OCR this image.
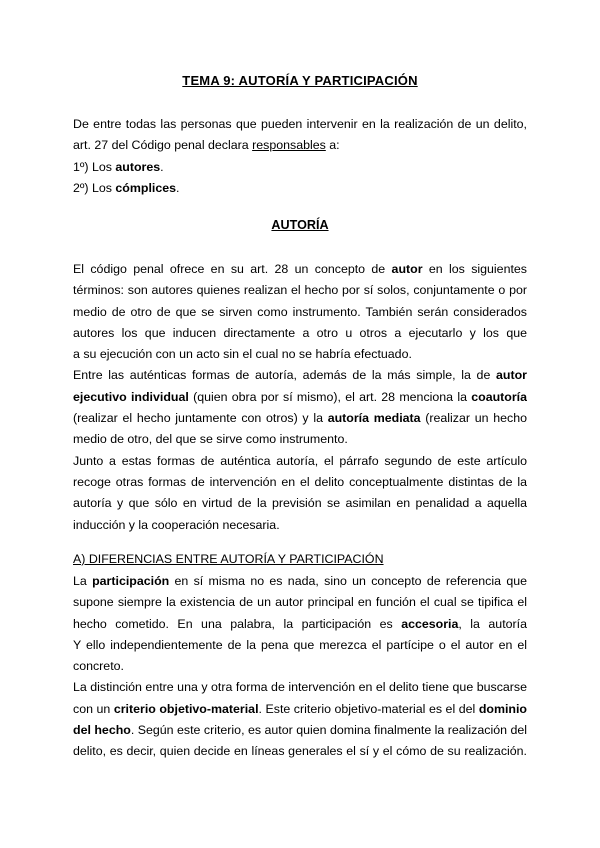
TEMA 9: AUTORÍA Y PARTICIPACIÓN
De entre todas las personas que pueden intervenir en la realización de un delito,
art. 27 del Código penal declara responsables a:
1º) Los autores.
2º) Los cómplices.
AUTORÍA
El código penal ofrece en su art. 28 un concepto de autor en los siguientes
términos: son autores quienes realizan el hecho por sí solos, conjuntamente o por
medio de otro de que se sirven como instrumento. También serán considerados
autores los que inducen directamente a otro u otros a ejecutarlo y los que
a su ejecución con un acto sin el cual no se habría efectuado.
Entre las auténticas formas de autoría, además de la más simple, la de autor
ejecutivo individual (quien obra por sí mismo), el art. 28 menciona la coautoría
(realizar el hecho juntamente con otros) y la autoría mediata (realizar un hecho
medio de otro, del que se sirve como instrumento.
Junto a estas formas de auténtica autoría, el párrafo segundo de este artículo
recoge otras formas de intervención en el delito conceptualmente distintas de la
autoría y que sólo en virtud de la previsión se asimilan en penalidad a aquella
inducción y la cooperación necesaria.
A) DIFERENCIAS ENTRE AUTORÍA Y PARTICIPACIÓN
La participación en sí misma no es nada, sino un concepto de referencia que
supone siempre la existencia de un autor principal en función el cual se tipifica el
hecho cometido. En una palabra, la participación es accesoria, la autoría
Y ello independientemente de la pena que merezca el partícipe o el autor en el
concreto.
La distinción entre una y otra forma de intervención en el delito tiene que buscarse
con un criterio objetivo-material. Este criterio objetivo-material es el del dominio
del hecho. Según este criterio, es autor quien domina finalmente la realización del
delito, es decir, quien decide en líneas generales el sí y el cómo de su realización.
